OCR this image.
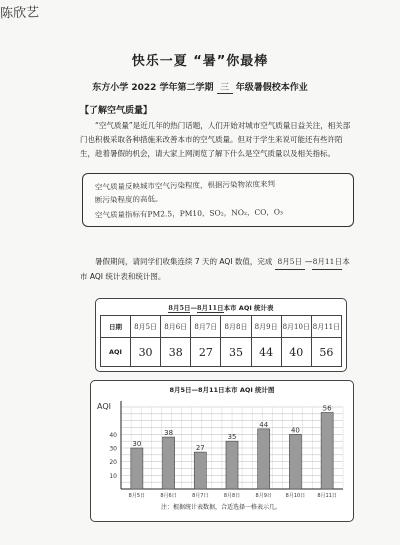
陈欣艺
快乐一夏 “暑”你最棒
东方小学 2022 学年第二学期 三 年级暑假校本作业
【了解空气质量】
“空气质量”是近几年的热门话题，人们开始对城市空气质量日益关注，相关部门也积极采取各种措施来改善本市的空气质量。但对于学生来说可能还有些许陌生，趁着暑假的机会，请大家上网浏览了解下什么是空气质量以及相关指标。
空气质量反映城市空气污染程度，根据污染物浓度来判
断污染程度的高低。
空气质量指标有PM2.5，PM10，SO₂，NO₂，CO，O₃
暑假期间，请同学们收集连续 7 天的 AQI 数值，完成 8月5日 —8月11日本市 AQI 统计表和统计图。
8月5日—8月11日本市 AQI 统计表
日期	8月5日	8月6日	8月7日	8月8日	8月9日	8月10日	8月11日
AQI	30	38	27	35	44	40	56
8月5日—8月11日本市 AQI 统计图
AQI
10
20
30
40
30
8月5日
38
8月6日
27
8月7日
35
8月8日
44
8月9日
40
8月10日
56
8月11日
注：根据统计表数据，合适选择一格表示几。
